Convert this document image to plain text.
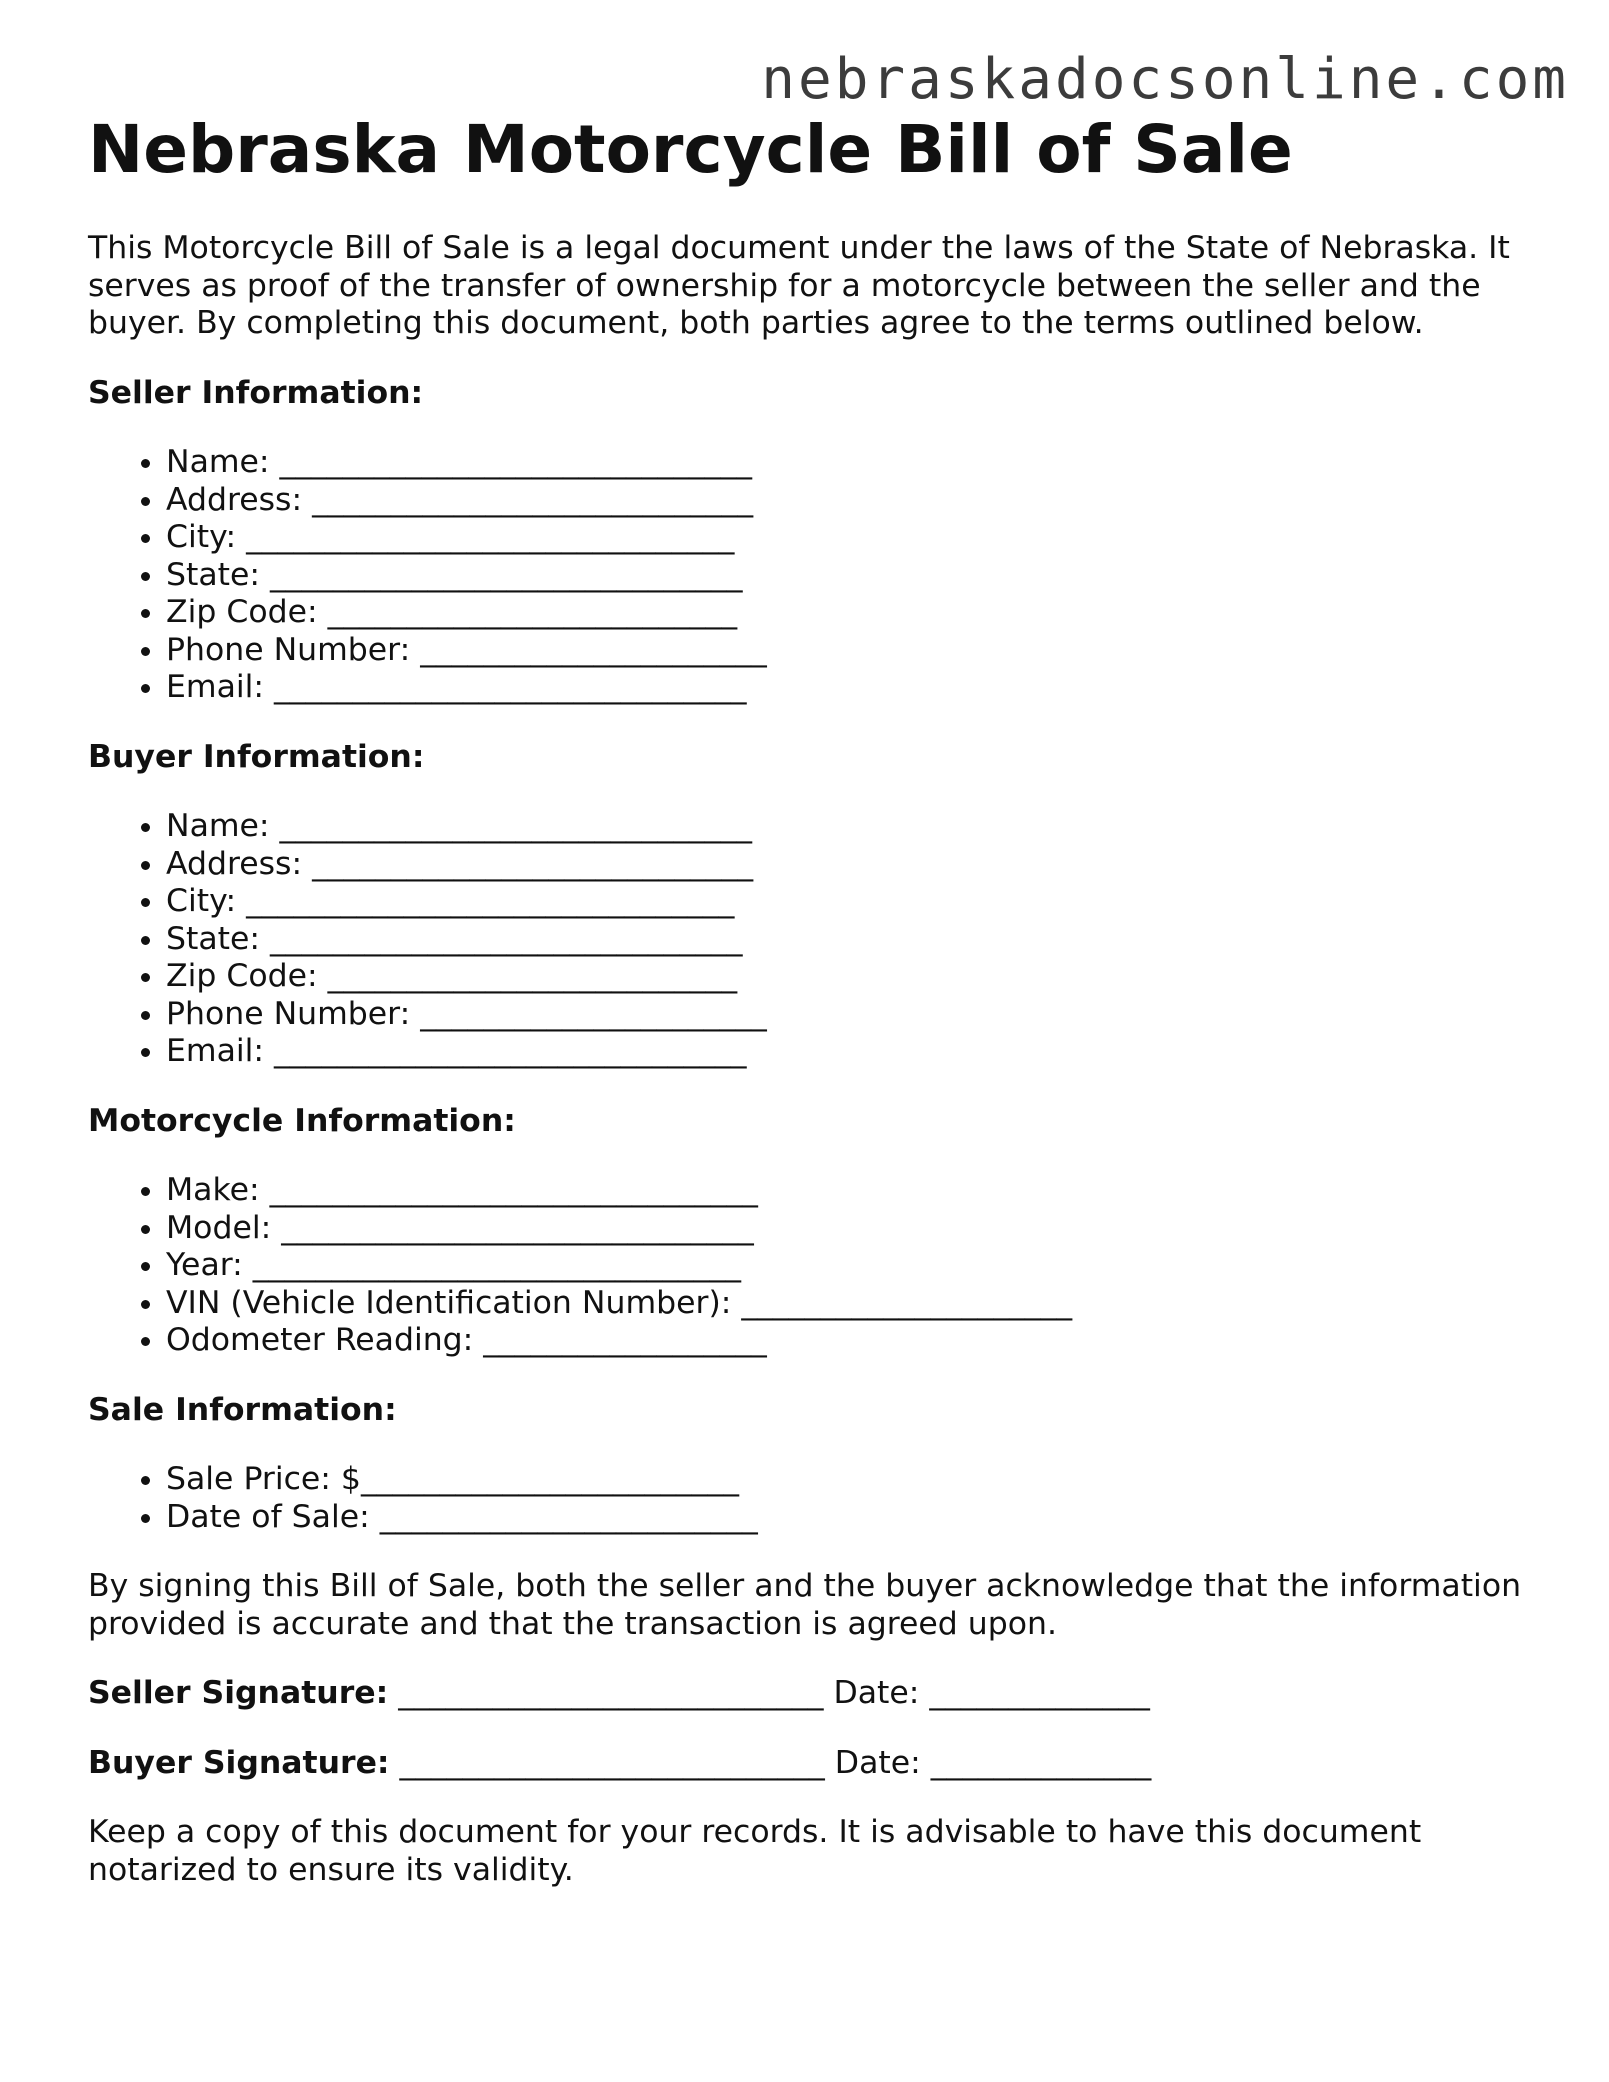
nebraskadocsonline.com
Nebraska Motorcycle Bill of Sale

This Motorcycle Bill of Sale is a legal document under the laws of the State of Nebraska. It serves as proof of the transfer of ownership for a motorcycle between the seller and the buyer. By completing this document, both parties agree to the terms outlined below.

Seller Information:
• Name: ______________________________
• Address: ____________________________
• City: _______________________________
• State: ______________________________
• Zip Code: __________________________
• Phone Number: ______________________
• Email: ______________________________
Buyer Information:
• Name: ______________________________
• Address: ____________________________
• City: _______________________________
• State: ______________________________
• Zip Code: __________________________
• Phone Number: ______________________
• Email: ______________________________
Motorcycle Information:
• Make: _______________________________
• Model: ______________________________
• Year: _______________________________
• VIN (Vehicle Identification Number): _____________________
• Odometer Reading: __________________
Sale Information:
• Sale Price: $________________________
• Date of Sale: ________________________

By signing this Bill of Sale, both the seller and the buyer acknowledge that the information provided is accurate and that the transaction is agreed upon.

Seller Signature: ___________________________ Date: ______________

Buyer Signature: ___________________________ Date: ______________

Keep a copy of this document for your records. It is advisable to have this document notarized to ensure its validity.
